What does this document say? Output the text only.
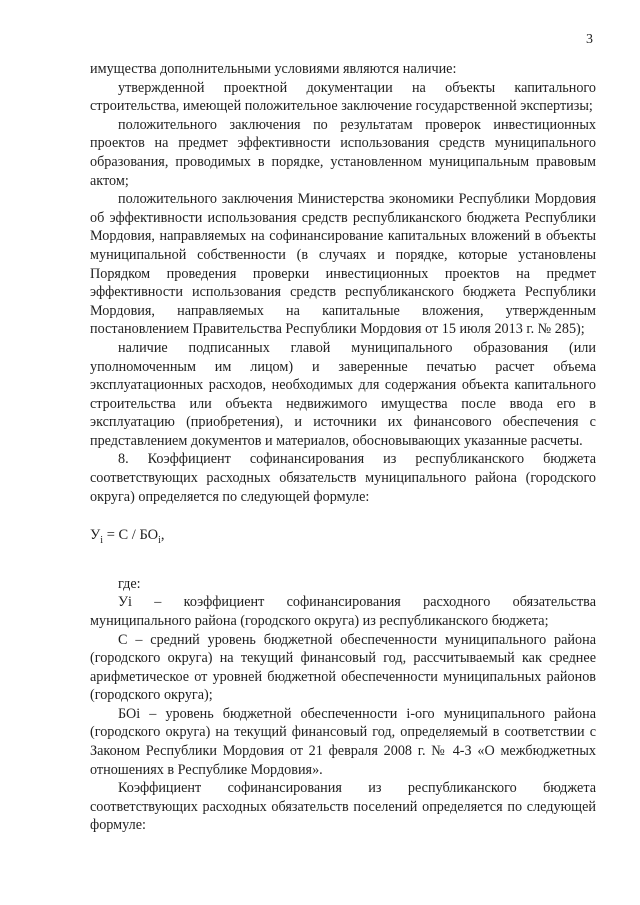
3

имущества дополнительными условиями являются наличие:

утвержденной проектной документации на объекты капитального строительства, имеющей положительное заключение государственной экспертизы;

положительного заключения по результатам проверок инвестиционных проектов на предмет эффективности использования средств муниципального образования, проводимых в порядке, установленном муниципальным правовым актом;

положительного заключения Министерства экономики Республики Мордовия об эффективности использования средств республиканского бюджета Республики Мордовия, направляемых на софинансирование капитальных вложений в объекты муниципальной собственности (в случаях и порядке, которые установлены Порядком проведения проверки инвестиционных проектов на предмет эффективности использования средств республиканского бюджета Республики Мордовия, направляемых на капитальные вложения, утвержденным постановлением Правительства Республики Мордовия от 15 июля 2013 г. № 285);

наличие подписанных главой муниципального образования (или уполномоченным им лицом) и заверенные печатью расчет объема эксплуатационных расходов, необходимых для содержания объекта капитального строительства или объекта недвижимого имущества после ввода его в эксплуатацию (приобретения), и источники их финансового обеспечения с представлением документов и материалов, обосновывающих указанные расчеты.

8. Коэффициент софинансирования из республиканского бюджета соответствующих расходных обязательств муниципального района (городского округа) определяется по следующей формуле:

$У_i = С / БО_i$,

где:

Уi – коэффициент софинансирования расходного обязательства муниципального района (городского округа) из республиканского бюджета;

С – средний уровень бюджетной обеспеченности муниципального района (городского округа) на текущий финансовый год, рассчитываемый как среднее арифметическое от уровней бюджетной обеспеченности муниципальных районов (городского округа);

БОi – уровень бюджетной обеспеченности i-ого муниципального района (городского округа) на текущий финансовый год, определяемый в соответствии с Законом Республики Мордовия от 21 февраля 2008 г. № 4-З «О межбюджетных отношениях в Республике Мордовия».

Коэффициент софинансирования из республиканского бюджета соответствующих расходных обязательств поселений определяется по следующей формуле:
